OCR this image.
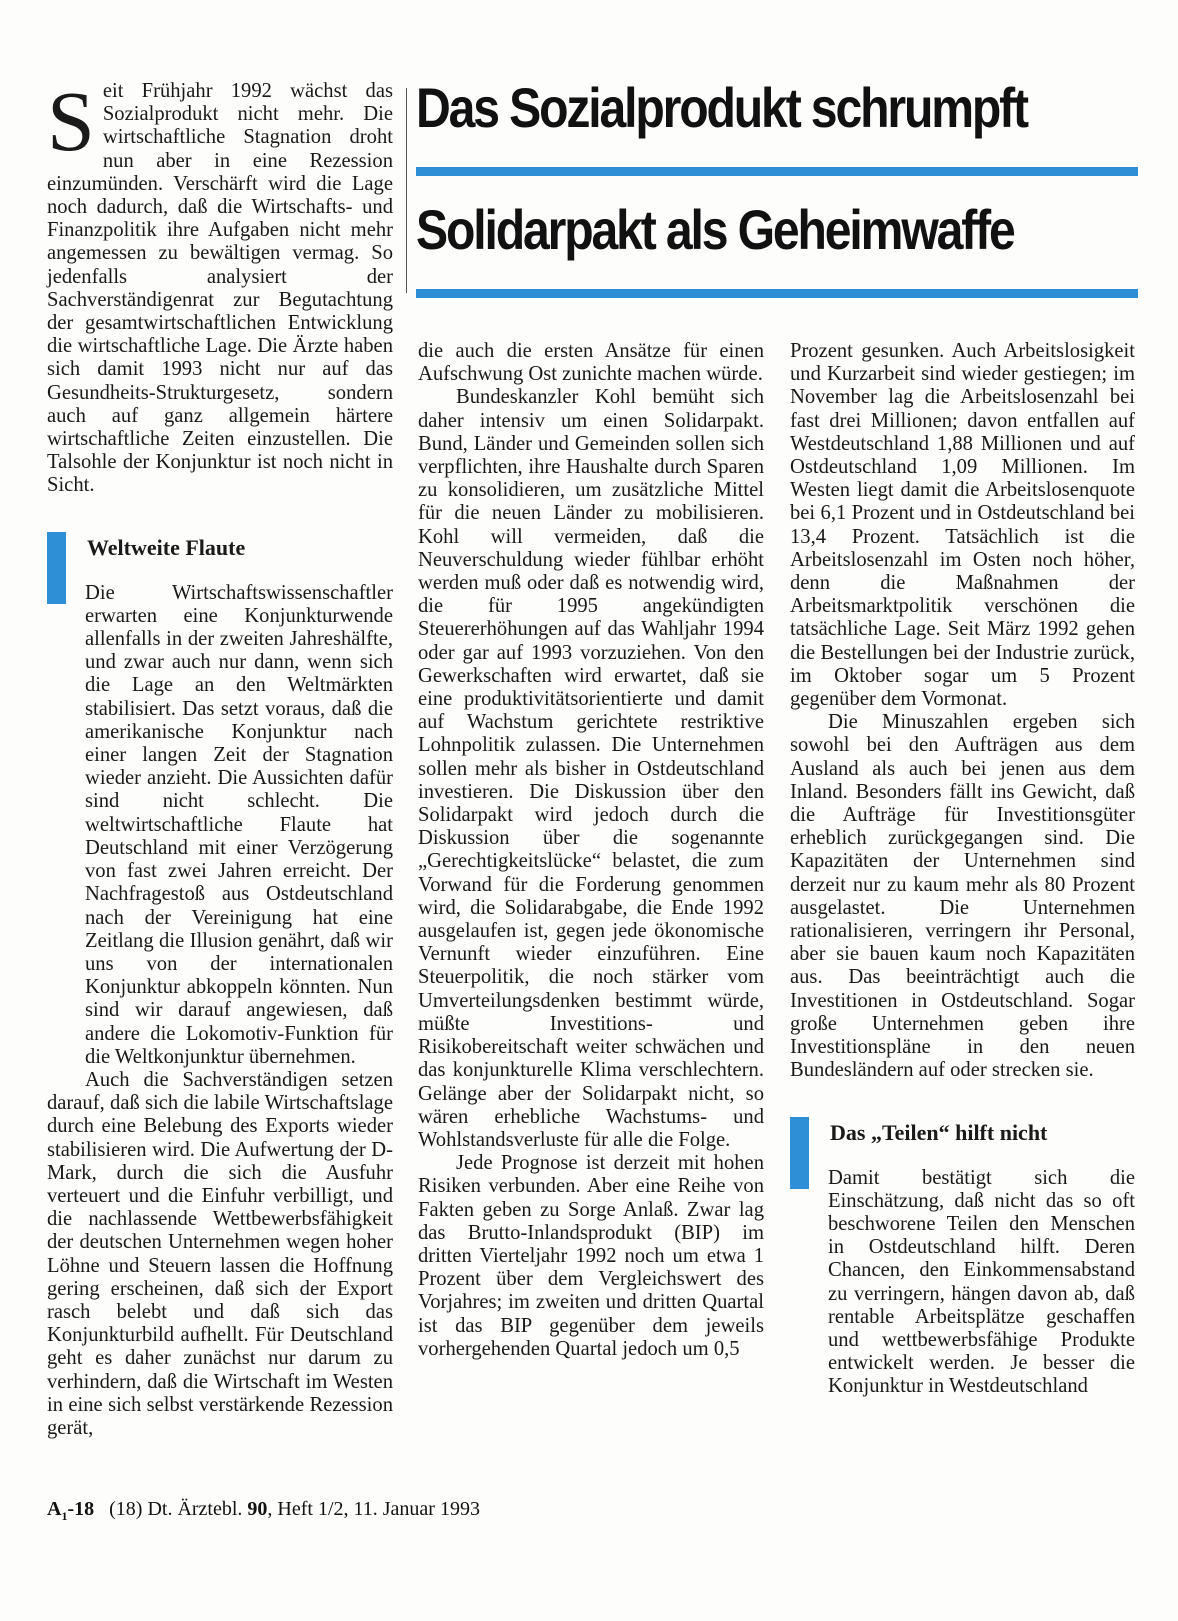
Das Sozialprodukt schrumpft
Solidarpakt als Geheimwaffe

Seit Frühjahr 1992 wächst das Sozialprodukt nicht mehr. Die wirtschaftliche Stagnation droht nun aber in eine Rezession einzumünden. Verschärft wird die Lage noch dadurch, daß die Wirtschafts- und Finanzpolitik ihre Aufgaben nicht mehr angemessen zu bewältigen vermag. So jedenfalls analysiert der Sachverständigenrat zur Begutachtung der gesamtwirtschaftlichen Entwicklung die wirtschaftliche Lage. Die Ärzte haben sich damit 1993 nicht nur auf das Gesundheits-Strukturgesetz, sondern auch auf ganz allgemein härtere wirtschaftliche Zeiten einzustellen. Die Talsohle der Konjunktur ist noch nicht in Sicht.

Weltweite Flaute

Die Wirtschaftswissenschaftler erwarten eine Konjunkturwende allenfalls in der zweiten Jahreshälfte, und zwar auch nur dann, wenn sich die Lage an den Weltmärkten stabilisiert. Das setzt voraus, daß die amerikanische Konjunktur nach einer langen Zeit der Stagnation wieder anzieht. Die Aussichten dafür sind nicht schlecht. Die weltwirtschaftliche Flaute hat Deutschland mit einer Verzögerung von fast zwei Jahren erreicht. Der Nachfragestoß aus Ostdeutschland nach der Vereinigung hat eine Zeitlang die Illusion genährt, daß wir uns von der internationalen Konjunktur abkoppeln könnten. Nun sind wir darauf angewiesen, daß andere die Lokomotiv-Funktion für die Weltkonjunktur übernehmen.

Auch die Sachverständigen setzen darauf, daß sich die labile Wirtschaftslage durch eine Belebung des Exports wieder stabilisieren wird. Die Aufwertung der D-Mark, durch die sich die Ausfuhr verteuert und die Einfuhr verbilligt, und die nachlassende Wettbewerbsfähigkeit der deutschen Unternehmen wegen hoher Löhne und Steuern lassen die Hoffnung gering erscheinen, daß sich der Export rasch belebt und daß sich das Konjunkturbild aufhellt. Für Deutschland geht es daher zunächst nur darum zu verhindern, daß die Wirtschaft im Westen in eine sich selbst verstärkende Rezession gerät,

die auch die ersten Ansätze für einen Aufschwung Ost zunichte machen würde.

Bundeskanzler Kohl bemüht sich daher intensiv um einen Solidarpakt. Bund, Länder und Gemeinden sollen sich verpflichten, ihre Haushalte durch Sparen zu konsolidieren, um zusätzliche Mittel für die neuen Länder zu mobilisieren. Kohl will vermeiden, daß die Neuverschuldung wieder fühlbar erhöht werden muß oder daß es notwendig wird, die für 1995 angekündigten Steuererhöhungen auf das Wahljahr 1994 oder gar auf 1993 vorzuziehen. Von den Gewerkschaften wird erwartet, daß sie eine produktivitätsorientierte und damit auf Wachstum gerichtete restriktive Lohnpolitik zulassen. Die Unternehmen sollen mehr als bisher in Ostdeutschland investieren. Die Diskussion über den Solidarpakt wird jedoch durch die Diskussion über die sogenannte „Gerechtigkeitslücke“ belastet, die zum Vorwand für die Forderung genommen wird, die Solidarabgabe, die Ende 1992 ausgelaufen ist, gegen jede ökonomische Vernunft wieder einzuführen. Eine Steuerpolitik, die noch stärker vom Umverteilungsdenken bestimmt würde, müßte Investitions- und Risikobereitschaft weiter schwächen und das konjunkturelle Klima verschlechtern. Gelänge aber der Solidarpakt nicht, so wären erhebliche Wachstums- und Wohlstandsverluste für alle die Folge.

Jede Prognose ist derzeit mit hohen Risiken verbunden. Aber eine Reihe von Fakten geben zu Sorge Anlaß. Zwar lag das Brutto-Inlandsprodukt (BIP) im dritten Vierteljahr 1992 noch um etwa 1 Prozent über dem Vergleichswert des Vorjahres; im zweiten und dritten Quartal ist das BIP gegenüber dem jeweils vorhergehenden Quartal jedoch um 0,5

Prozent gesunken. Auch Arbeitslosigkeit und Kurzarbeit sind wieder gestiegen; im November lag die Arbeitslosenzahl bei fast drei Millionen; davon entfallen auf Westdeutschland 1,88 Millionen und auf Ostdeutschland 1,09 Millionen. Im Westen liegt damit die Arbeitslosenquote bei 6,1 Prozent und in Ostdeutschland bei 13,4 Prozent. Tatsächlich ist die Arbeitslosenzahl im Osten noch höher, denn die Maßnahmen der Arbeitsmarktpolitik verschönen die tatsächliche Lage. Seit März 1992 gehen die Bestellungen bei der Industrie zurück, im Oktober sogar um 5 Prozent gegenüber dem Vormonat.

Die Minuszahlen ergeben sich sowohl bei den Aufträgen aus dem Ausland als auch bei jenen aus dem Inland. Besonders fällt ins Gewicht, daß die Aufträge für Investitionsgüter erheblich zurückgegangen sind. Die Kapazitäten der Unternehmen sind derzeit nur zu kaum mehr als 80 Prozent ausgelastet. Die Unternehmen rationalisieren, verringern ihr Personal, aber sie bauen kaum noch Kapazitäten aus. Das beeinträchtigt auch die Investitionen in Ostdeutschland. Sogar große Unternehmen geben ihre Investitionspläne in den neuen Bundesländern auf oder strecken sie.

Das „Teilen“ hilft nicht

Damit bestätigt sich die Einschätzung, daß nicht das so oft beschworene Teilen den Menschen in Ostdeutschland hilft. Deren Chancen, den Einkommensabstand zu verringern, hängen davon ab, daß rentable Arbeitsplätze geschaffen und wettbewerbsfähige Produkte entwickelt werden. Je besser die Konjunktur in Westdeutschland

$A_1-18$ (18) Dt. Ärztebl. 90, Heft 1/2, 11. Januar 1993
